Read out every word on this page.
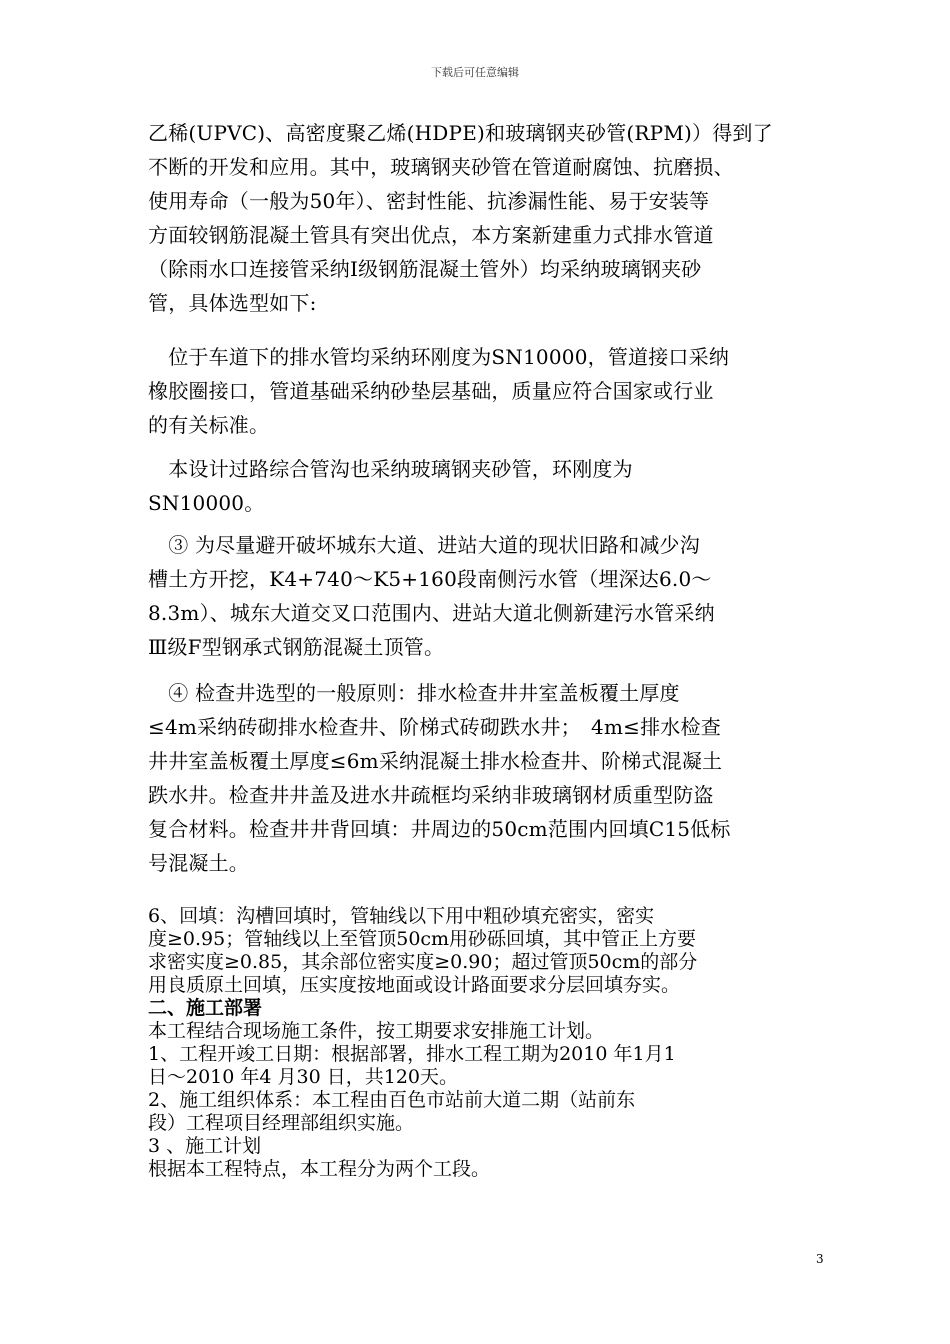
下载后可任意编辑
乙稀(UPVC)、高密度聚乙烯(HDPE)和玻璃钢夹砂管(RPM)）得到了
不断的开发和应用。其中，玻璃钢夹砂管在管道耐腐蚀、抗磨损、
使用寿命（一般为50年）、密封性能、抗渗漏性能、易于安装等
方面较钢筋混凝土管具有突出优点，本方案新建重力式排水管道
（除雨水口连接管采纳Ⅰ级钢筋混凝土管外）均采纳玻璃钢夹砂
管，具体选型如下:
　位于车道下的排水管均采纳环刚度为SN10000，管道接口采纳
橡胶圈接口，管道基础采纳砂垫层基础，质量应符合国家或行业
的有关标准。
　本设计过路综合管沟也采纳玻璃钢夹砂管，环刚度为
SN10000。
　③ 为尽量避开破坏城东大道、进站大道的现状旧路和减少沟
槽土方开挖，K4+740～K5+160段南侧污水管（埋深达6.0～
8.3m）、城东大道交叉口范围内、进站大道北侧新建污水管采纳
Ⅲ级F型钢承式钢筋混凝土顶管。
　④ 检查井选型的一般原则：排水检查井井室盖板覆土厚度
≤4m采纳砖砌排水检查井、阶梯式砖砌跌水井；　4m≤排水检查
井井室盖板覆土厚度≤6m采纳混凝土排水检查井、阶梯式混凝土
跌水井。检查井井盖及进水井疏框均采纳非玻璃钢材质重型防盗
复合材料。检查井井背回填：井周边的50cm范围内回填C15低标
号混凝土。
6、回填：沟槽回填时，管轴线以下用中粗砂填充密实，密实
度≥0.95；管轴线以上至管顶50cm用砂砾回填，其中管正上方要
求密实度≥0.85，其余部位密实度≥0.90；超过管顶50cm的部分
用良质原土回填，压实度按地面或设计路面要求分层回填夯实。
二、施工部署
本工程结合现场施工条件，按工期要求安排施工计划。
1、工程开竣工日期：根据部署，排水工程工期为2010 年1月1
日～2010 年4 月30 日，共120天。
2、施工组织体系：本工程由百色市站前大道二期（站前东
段）工程项目经理部组织实施。
3 、施工计划
根据本工程特点，本工程分为两个工段。
3
